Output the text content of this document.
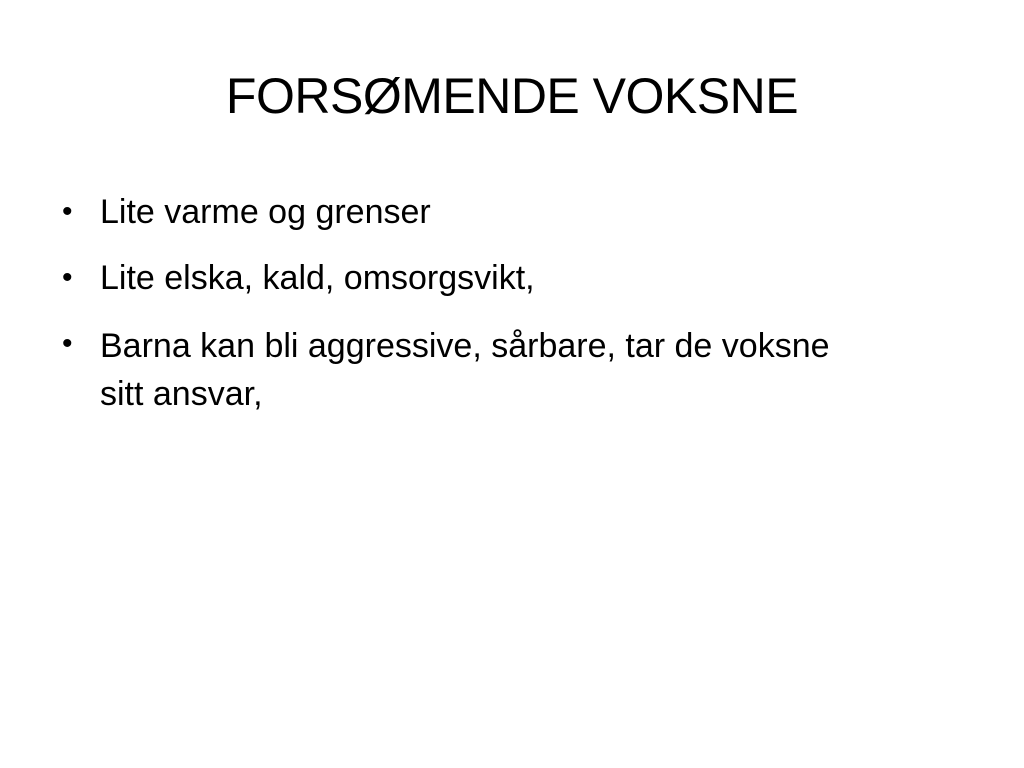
FORSØMENDE VOKSNE
• Lite varme og grenser
• Lite elska, kald, omsorgsvikt,
• Barna kan bli aggressive, sårbare, tar de voksne sitt ansvar,
